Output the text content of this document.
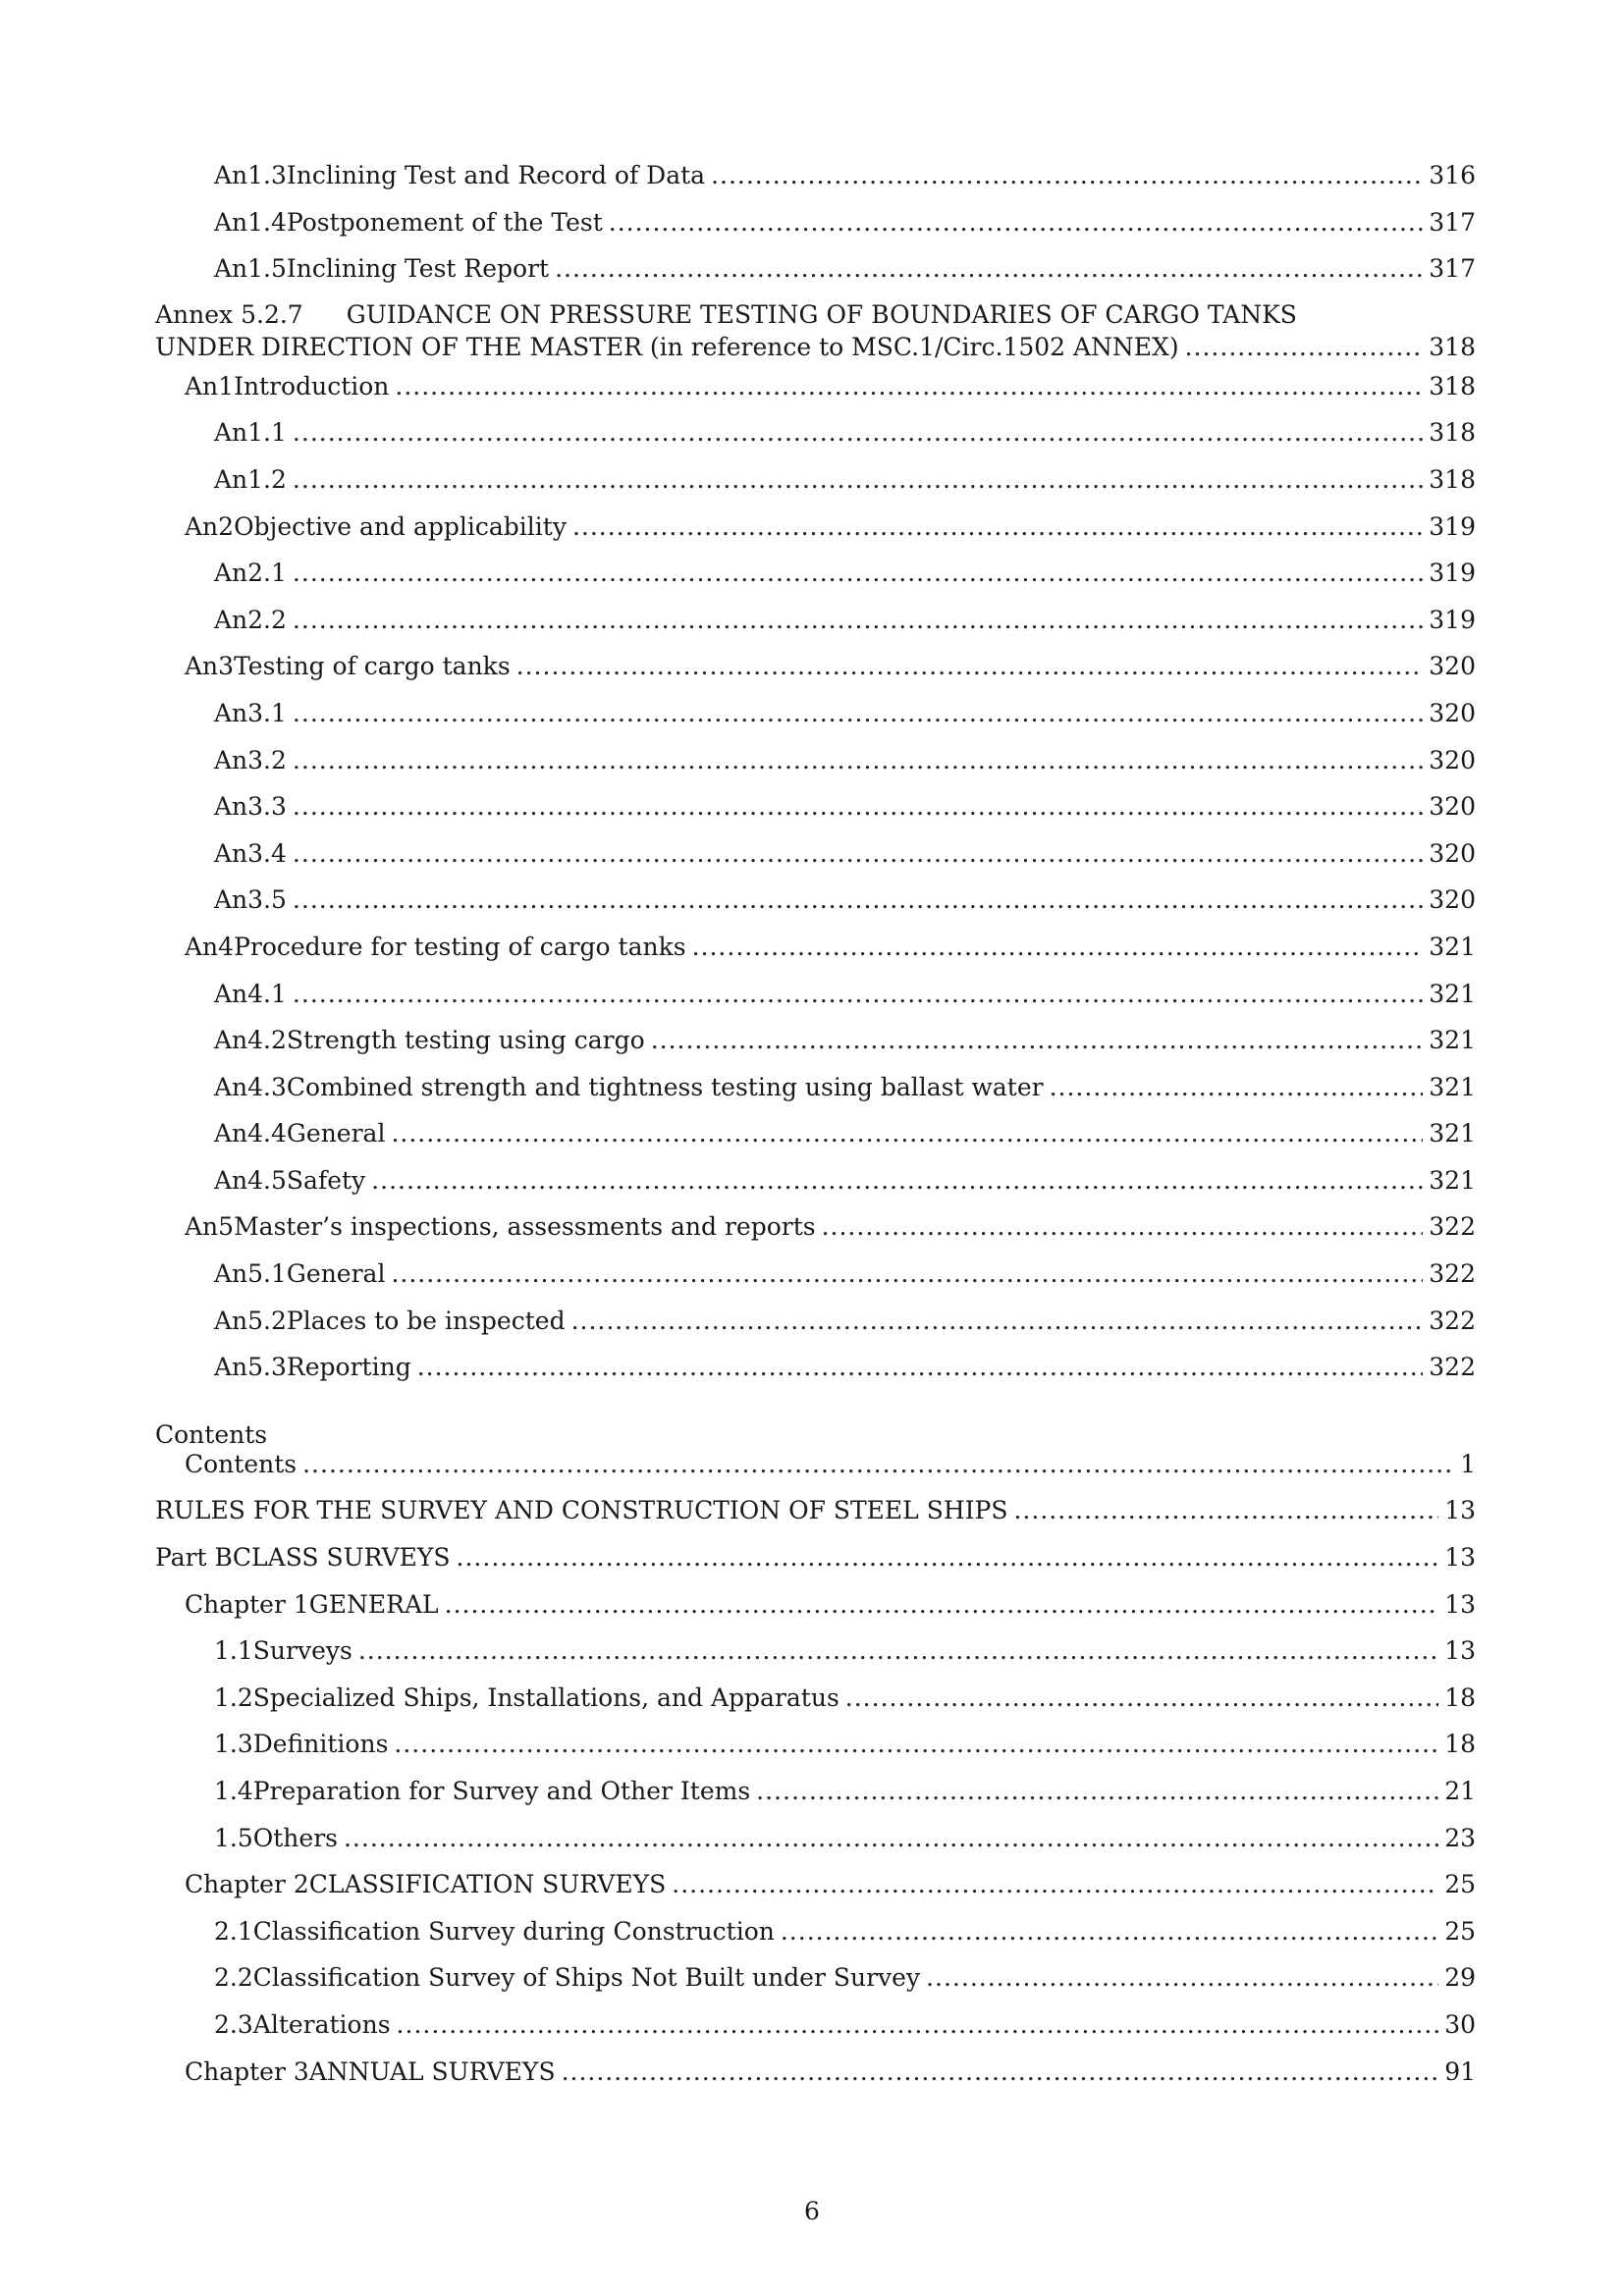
An1.3 Inclining Test and Record of Data .....	316
An1.4 Postponement of the Test .....	317
An1.5 Inclining Test Report .....	317
Annex 5.2.7 GUIDANCE ON PRESSURE TESTING OF BOUNDARIES OF CARGO TANKS
UNDER DIRECTION OF THE MASTER (in reference to MSC.1/Circ.1502 ANNEX) .....	318
An1 Introduction .....	318
An1.1 .....	318
An1.2 .....	318
An2 Objective and applicability .....	319
An2.1 .....	319
An2.2 .....	319
An3 Testing of cargo tanks .....	320
An3.1 .....	320
An3.2 .....	320
An3.3 .....	320
An3.4 .....	320
An3.5 .....	320
An4 Procedure for testing of cargo tanks .....	321
An4.1 .....	321
An4.2 Strength testing using cargo .....	321
An4.3 Combined strength and tightness testing using ballast water .....	321
An4.4 General .....	321
An4.5 Safety .....	321
An5 Master’s inspections, assessments and reports .....	322
An5.1 General .....	322
An5.2 Places to be inspected .....	322
An5.3 Reporting .....	322
Contents
Contents .....	1
RULES FOR THE SURVEY AND CONSTRUCTION OF STEEL SHIPS .....	13
Part B CLASS SURVEYS .....	13
Chapter 1 GENERAL .....	13
1.1 Surveys .....	13
1.2 Specialized Ships, Installations, and Apparatus .....	18
1.3 Definitions .....	18
1.4 Preparation for Survey and Other Items .....	21
1.5 Others .....	23
Chapter 2 CLASSIFICATION SURVEYS .....	25
2.1 Classification Survey during Construction .....	25
2.2 Classification Survey of Ships Not Built under Survey .....	29
2.3 Alterations .....	30
Chapter 3 ANNUAL SURVEYS .....	91
6
